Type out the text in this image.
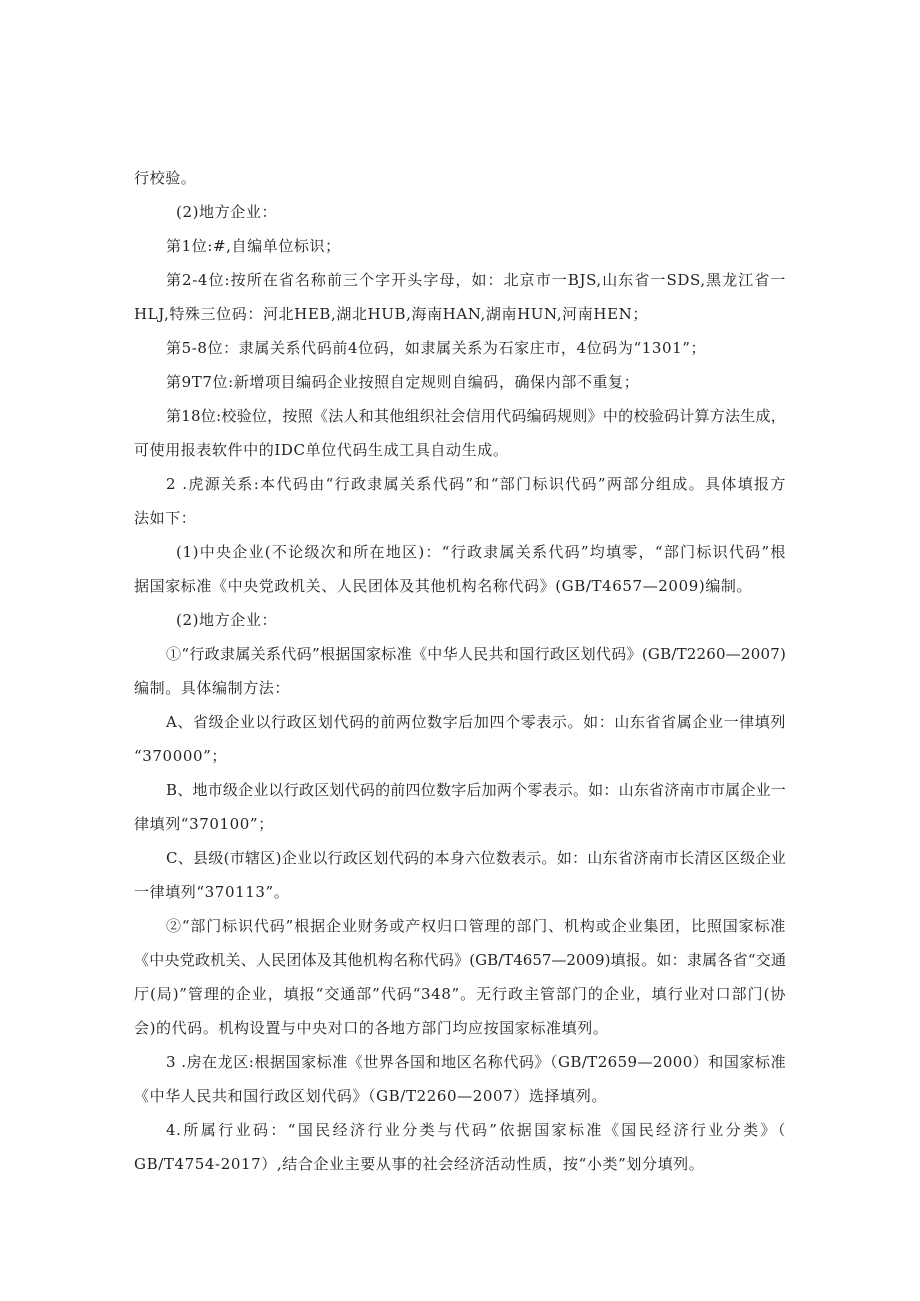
行校验。

(2)地方企业：

第1位:#,自编单位标识；

第2-4位:按所在省名称前三个字开头字母，如：北京市一BJS,山东省一SDS,黑龙江省一

HLJ,特殊三位码：河北HEB,湖北HUB,海南HAN,湖南HUN,河南HEN；

第5-8位：隶属关系代码前4位码，如隶属关系为石家庄市，4位码为“1301”；

第9T7位:新增项目编码企业按照自定规则自编码，确保内部不重复；

第18位:校验位，按照《法人和其他组织社会信用代码编码规则》中的校验码计算方法生成，

可使用报表软件中的IDC单位代码生成工具自动生成。

2 .虎源关系:本代码由“行政隶属关系代码”和“部门标识代码”两部分组成。具体填报方

法如下：

(1)中央企业(不论级次和所在地区)：“行政隶属关系代码”均填零，“部门标识代码”根

据国家标准《中央党政机关、人民团体及其他机构名称代码》(GB/T4657—2009)编制。

(2)地方企业：

①“行政隶属关系代码”根据国家标准《中华人民共和国行政区划代码》(GB/T2260—2007)

编制。具体编制方法：

A、省级企业以行政区划代码的前两位数字后加四个零表示。如：山东省省属企业一律填列

“370000”；

B、地市级企业以行政区划代码的前四位数字后加两个零表示。如：山东省济南市市属企业一

律填列“370100”；

C、县级(市辖区)企业以行政区划代码的本身六位数表示。如：山东省济南市长清区区级企业

一律填列“370113”。

②“部门标识代码”根据企业财务或产权归口管理的部门、机构或企业集团，比照国家标准

《中央党政机关、人民团体及其他机构名称代码》(GB/T4657—2009)填报。如：隶属各省“交通

厅(局)”管理的企业，填报“交通部”代码“348”。无行政主管部门的企业，填行业对口部门(协

会)的代码。机构设置与中央对口的各地方部门均应按国家标准填列。

3 .房在龙区:根据国家标准《世界各国和地区名称代码》（GB/T2659—2000）和国家标准

《中华人民共和国行政区划代码》（GB/T2260—2007）选择填列。

4.所属行业码：“国民经济行业分类与代码”依据国家标准《国民经济行业分类》（

GB/T4754-2017）,结合企业主要从事的社会经济活动性质，按“小类”划分填列。
